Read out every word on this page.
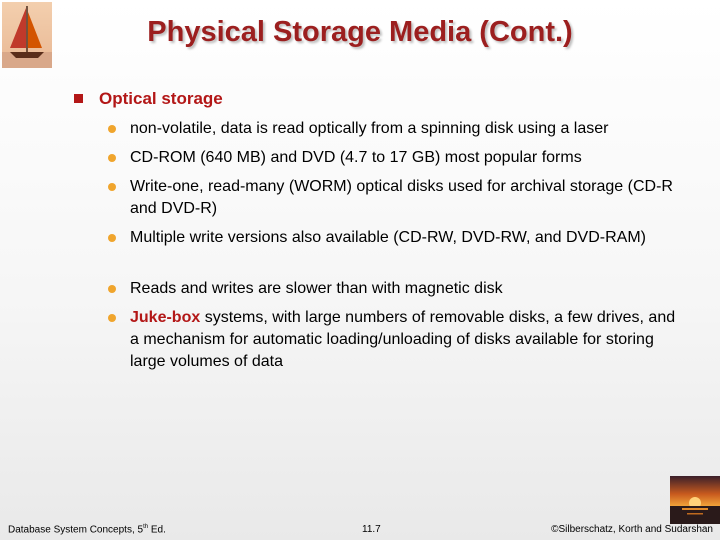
Physical Storage Media (Cont.)
Optical storage
non-volatile, data is read optically from a spinning disk using a laser
CD-ROM (640 MB) and DVD (4.7 to 17 GB) most popular forms
Write-one, read-many (WORM) optical disks used for archival storage (CD-R and DVD-R)
Multiple write versions also available (CD-RW, DVD-RW, and DVD-RAM)
Reads and writes are slower than with magnetic disk
Juke-box systems, with large numbers of removable disks, a few drives, and a mechanism for automatic loading/unloading of disks available for storing large volumes of data
Database System Concepts, 5th Ed.	11.7	©Silberschatz, Korth and Sudarshan
